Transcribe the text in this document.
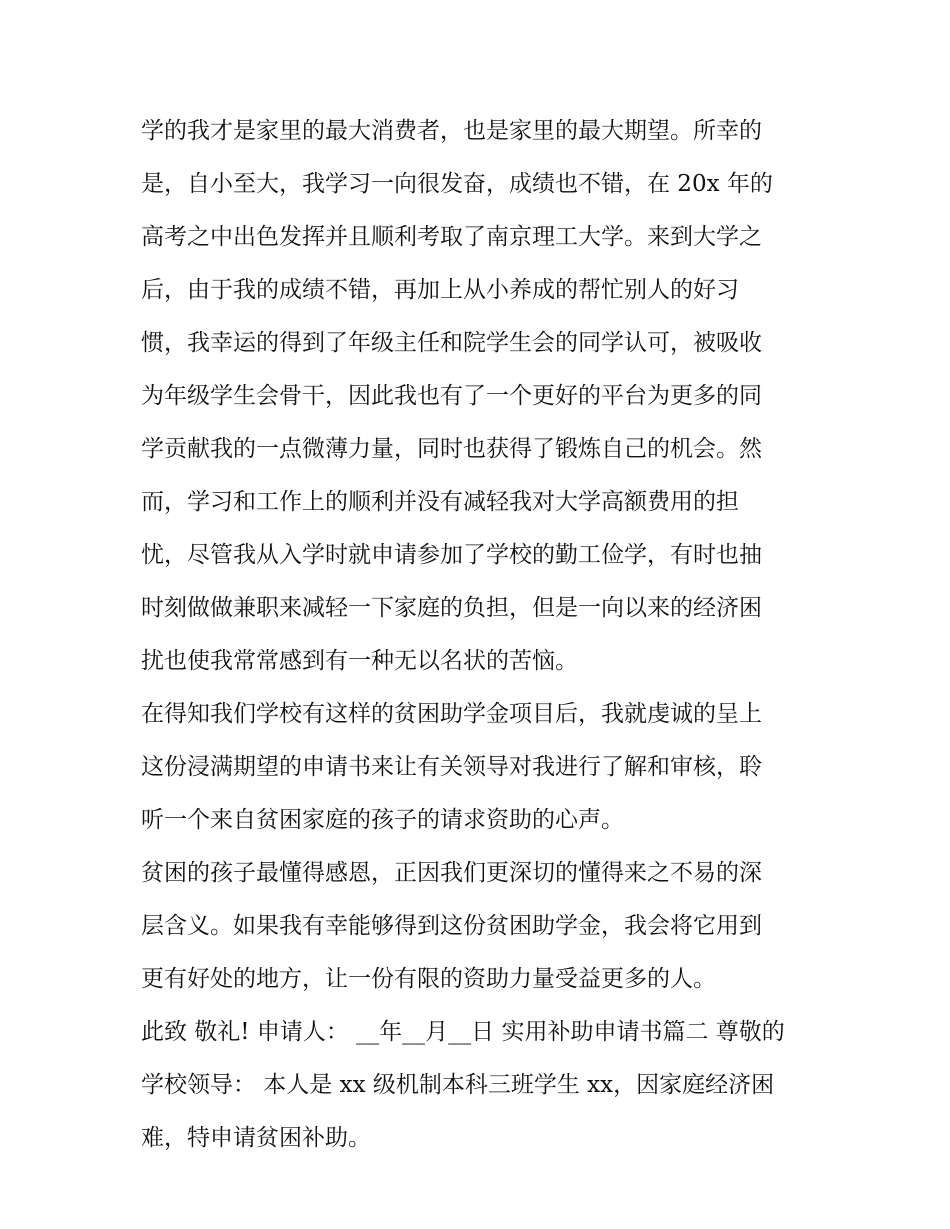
学的我才是家里的最大消费者，也是家里的最大期望。所幸的
是，自小至大，我学习一向很发奋，成绩也不错，在 20x 年的
高考之中出色发挥并且顺利考取了南京理工大学。来到大学之
后，由于我的成绩不错，再加上从小养成的帮忙别人的好习
惯，我幸运的得到了年级主任和院学生会的同学认可，被吸收
为年级学生会骨干，因此我也有了一个更好的平台为更多的同
学贡献我的一点微薄力量，同时也获得了锻炼自己的机会。然
而，学习和工作上的顺利并没有减轻我对大学高额费用的担
忧，尽管我从入学时就申请参加了学校的勤工俭学，有时也抽
时刻做做兼职来减轻一下家庭的负担，但是一向以来的经济困
扰也使我常常感到有一种无以名状的苦恼。
在得知我们学校有这样的贫困助学金项目后，我就虔诚的呈上
这份浸满期望的申请书来让有关领导对我进行了解和审核，聆
听一个来自贫困家庭的孩子的请求资助的心声。
贫困的孩子最懂得感恩，正因我们更深切的懂得来之不易的深
层含义。如果我有幸能够得到这份贫困助学金，我会将它用到
更有好处的地方，让一份有限的资助力量受益更多的人。
此致 敬礼! 申请人： __年__月__日 实用补助申请书篇二 尊敬的
学校领导： 本人是 xx 级机制本科三班学生 xx，因家庭经济困
难，特申请贫困补助。
